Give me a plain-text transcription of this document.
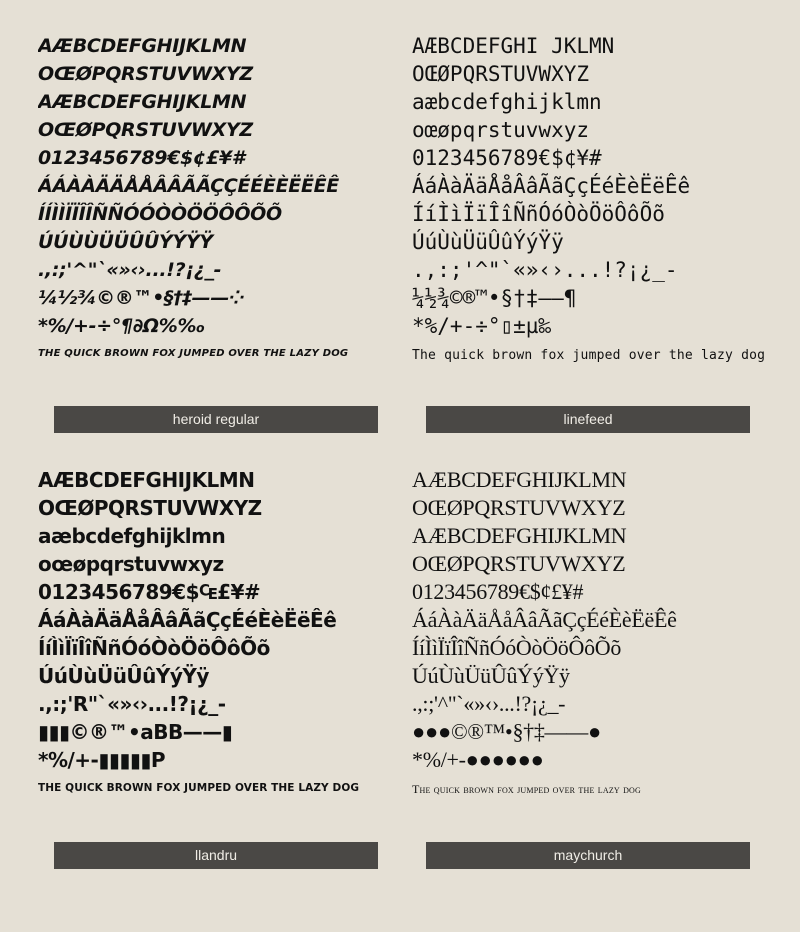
AÆBCDEFGHIJKLMN
OŒØPQRSTUVWXYZ
AÆBCDEFGHIJKLMN
OŒØPQRSTUVWXYZ
0123456789€$¢£¥#
ÁÁÀÀÄÄÅÅÂÂÃÃÇÇÉÉÈÈËËÊÊ
ÍÍÌÌÏÏÎÎÑÑÓÓÒÒÖÖÔÔÕÕ
ÚÚÙÙÜÜÛÛÝÝŸŸ
.,:;'^"`«»‹›...!?¡¿_-
¼½¾©®™•§†‡——⁘
*%/+-÷°¶∂Ω%‰
THE QUICK BROWN FOX JUMPED OVER THE LAZY DOG
heroid regular
AÆBCDEFGHI JKLMN
OŒØPQRSTUVWXYZ
aæbcdefghijklmn
oœøpqrstuvwxyz
0123456789€$¢¥#
ÁáÀàÄäÅåÂâÃãÇçÉéÈèËëÊê
ÍíÌìÏïÎîÑñÓóÒòÖöÔôÕõ
ÚúÙùÜüÛûÝýŸÿ
.,:;'^"`«»‹›...!?¡¿_-
¼½¾©®™•§†‡——¶
*%/+-÷°▯±µ‰
The quick brown fox jumped over the lazy dog
linefeed
AÆBCDEFGHIJKLMN
OŒØPQRSTUVWXYZ
aæbcdefghijklmn
oœøpqrstuvwxyz
0123456789€$₠£¥#
ÁáÀàÄäÅåÂâÃãÇçÉéÈèËëÊê
ÍíÌìÏïÎîÑñÓóÒòÖöÔôÕõ
ÚúÙùÜüÛûÝýŸÿ
.,:;'R"`«»‹›...!?¡¿_-
▮▮▮©®™•aBB——▮
*%/+-▮▮▮▮▮P
THE QUICK BROWN FOX JUMPED OVER THE LAZY DOG
llandru
AÆBCDEFGHIJKLMN
OŒØPQRSTUVWXYZ
AÆBCDEFGHIJKLMN
OŒØPQRSTUVWXYZ
0123456789€$¢£¥#
ÁáÀàÄäÅåÂâÃãÇçÉéÈèËëÊê
ÍíÌìÏïÎîÑñÓóÒòÖöÔôÕõ
ÚúÙùÜüÛûÝýŸÿ
.,:;'^"`«»‹›...!?¡¿_-
●●●©®™•§†‡——●
*%/+-●●●●●●
The quick brown fox jumped over the lazy dog
maychurch
